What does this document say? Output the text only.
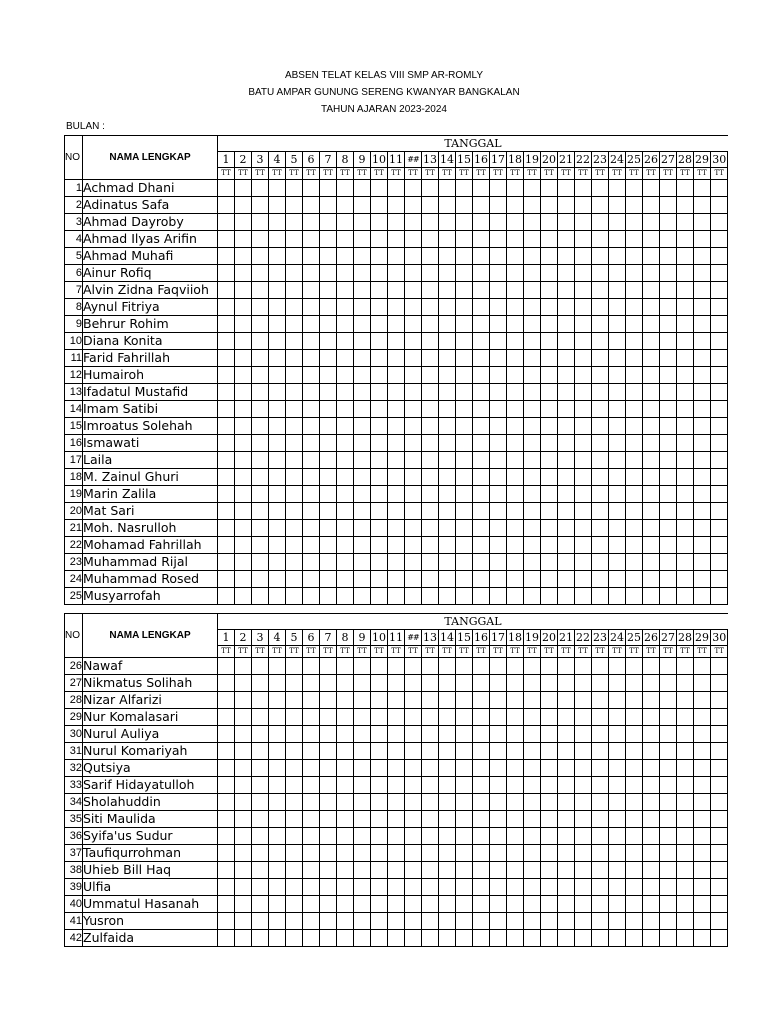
ABSEN TELAT KELAS VIII SMP AR-ROMLY
BATU AMPAR GUNUNG SERENG KWANYAR BANGKALAN
TAHUN AJARAN 2023-2024
BULAN :
NO	NAMA LENGKAP	TANGGAL																													
		1	2	3	4	5	6	7	8	9	10	11	##	13	14	15	16	17	18	19	20	21	22	23	24	25	26	27	28	29	30
		TT	TT	TT	TT	TT	TT	TT	TT	TT	TT	TT	TT	TT	TT	TT	TT	TT	TT	TT	TT	TT	TT	TT	TT	TT	TT	TT	TT	TT	TT
1	Achmad Dhani																														
2	Adinatus Safa																														
3	Ahmad Dayroby																														
4	Ahmad Ilyas Arifin																														
5	Ahmad Muhafi																														
6	Ainur Rofiq																														
7	Alvin Zidna Faqviioh																														
8	Aynul Fitriya																														
9	Behrur Rohim																														
10	Diana Konita																														
11	Farid Fahrillah																														
12	Humairoh																														
13	Ifadatul Mustafid																														
14	Imam Satibi																														
15	Imroatus Solehah																														
16	Ismawati																														
17	Laila																														
18	M. Zainul Ghuri																														
19	Marin Zalila																														
20	Mat Sari																														
21	Moh. Nasrulloh																														
22	Mohamad Fahrillah																														
23	Muhammad Rijal																														
24	Muhammad Rosed																														
25	Musyarrofah																														
NO	NAMA LENGKAP	TANGGAL																													
		1	2	3	4	5	6	7	8	9	10	11	##	13	14	15	16	17	18	19	20	21	22	23	24	25	26	27	28	29	30
		TT	TT	TT	TT	TT	TT	TT	TT	TT	TT	TT	TT	TT	TT	TT	TT	TT	TT	TT	TT	TT	TT	TT	TT	TT	TT	TT	TT	TT	TT
26	Nawaf																														
27	Nikmatus Solihah																														
28	Nizar Alfarizi																														
29	Nur Komalasari																														
30	Nurul Auliya																														
31	Nurul Komariyah																														
32	Qutsiya																														
33	Sarif Hidayatulloh																														
34	Sholahuddin																														
35	Siti Maulida																														
36	Syifa'us Sudur																														
37	Taufiqurrohman																														
38	Uhieb Bill Haq																														
39	Ulfia																														
40	Ummatul Hasanah																														
41	Yusron																														
42	Zulfaida																														
